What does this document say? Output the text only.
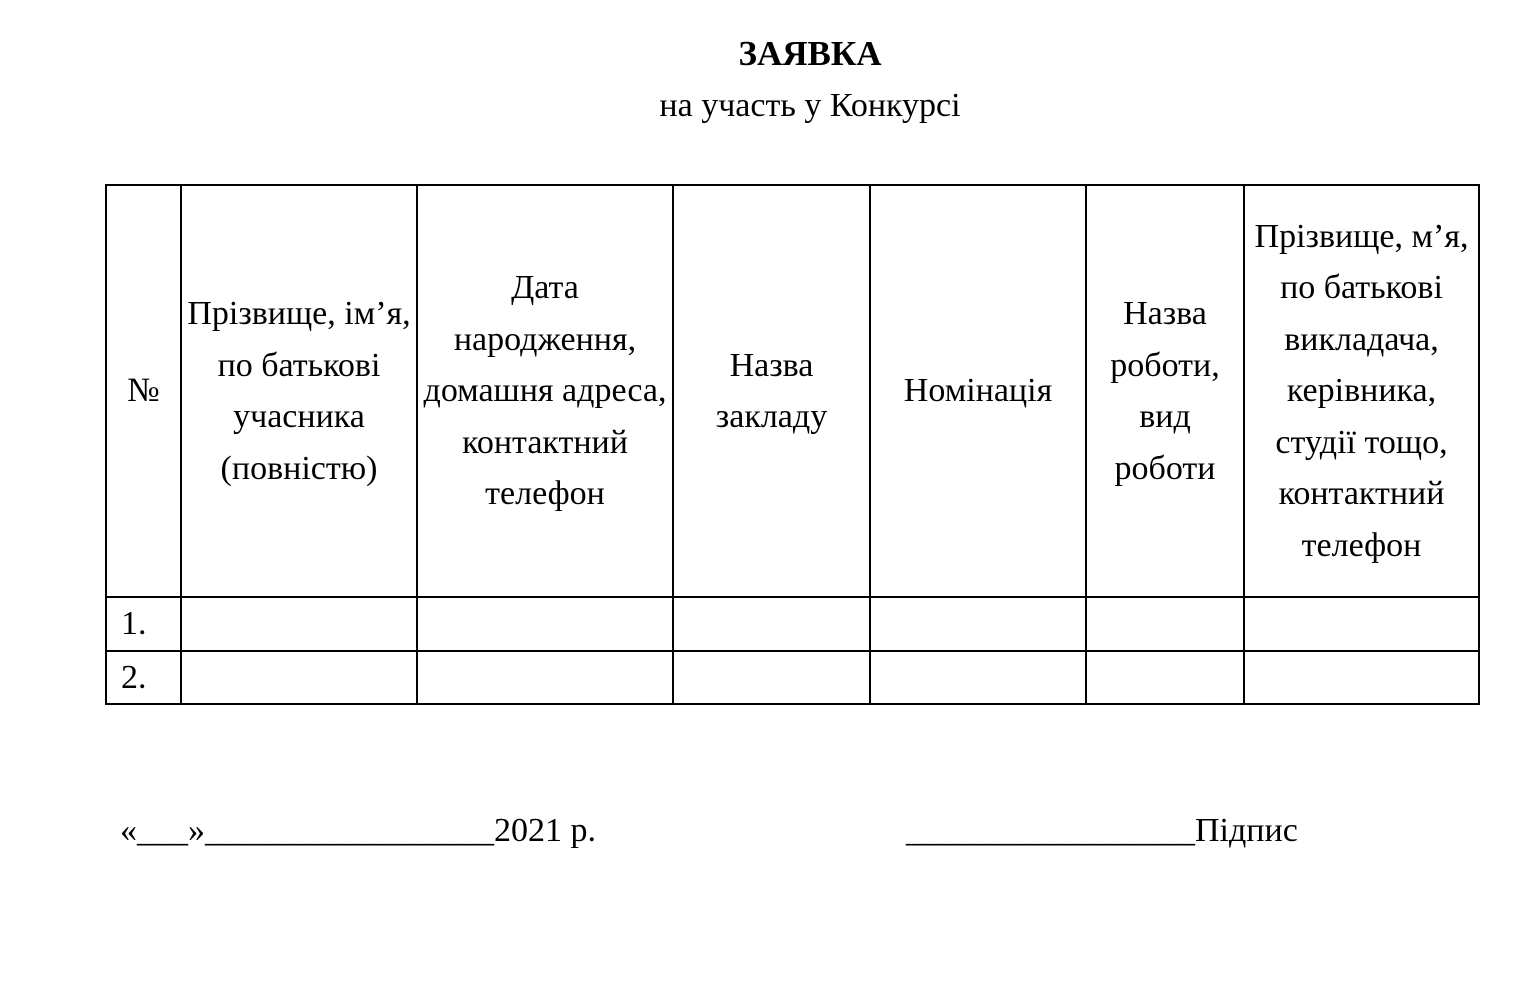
ЗАЯВКА

на участь у Конкурсі

№	Прізвище, ім’я, по батькові учасника (повністю)	Дата народження, домашня адреса, контактний телефон	Назва закладу	Номінація	Назва роботи, вид роботи	Прізвище, м’я, по батькові викладача, керівника, студії тощо, контактний телефон
1.						
2.						
«___»_________________2021 р.	_________________Підпис
